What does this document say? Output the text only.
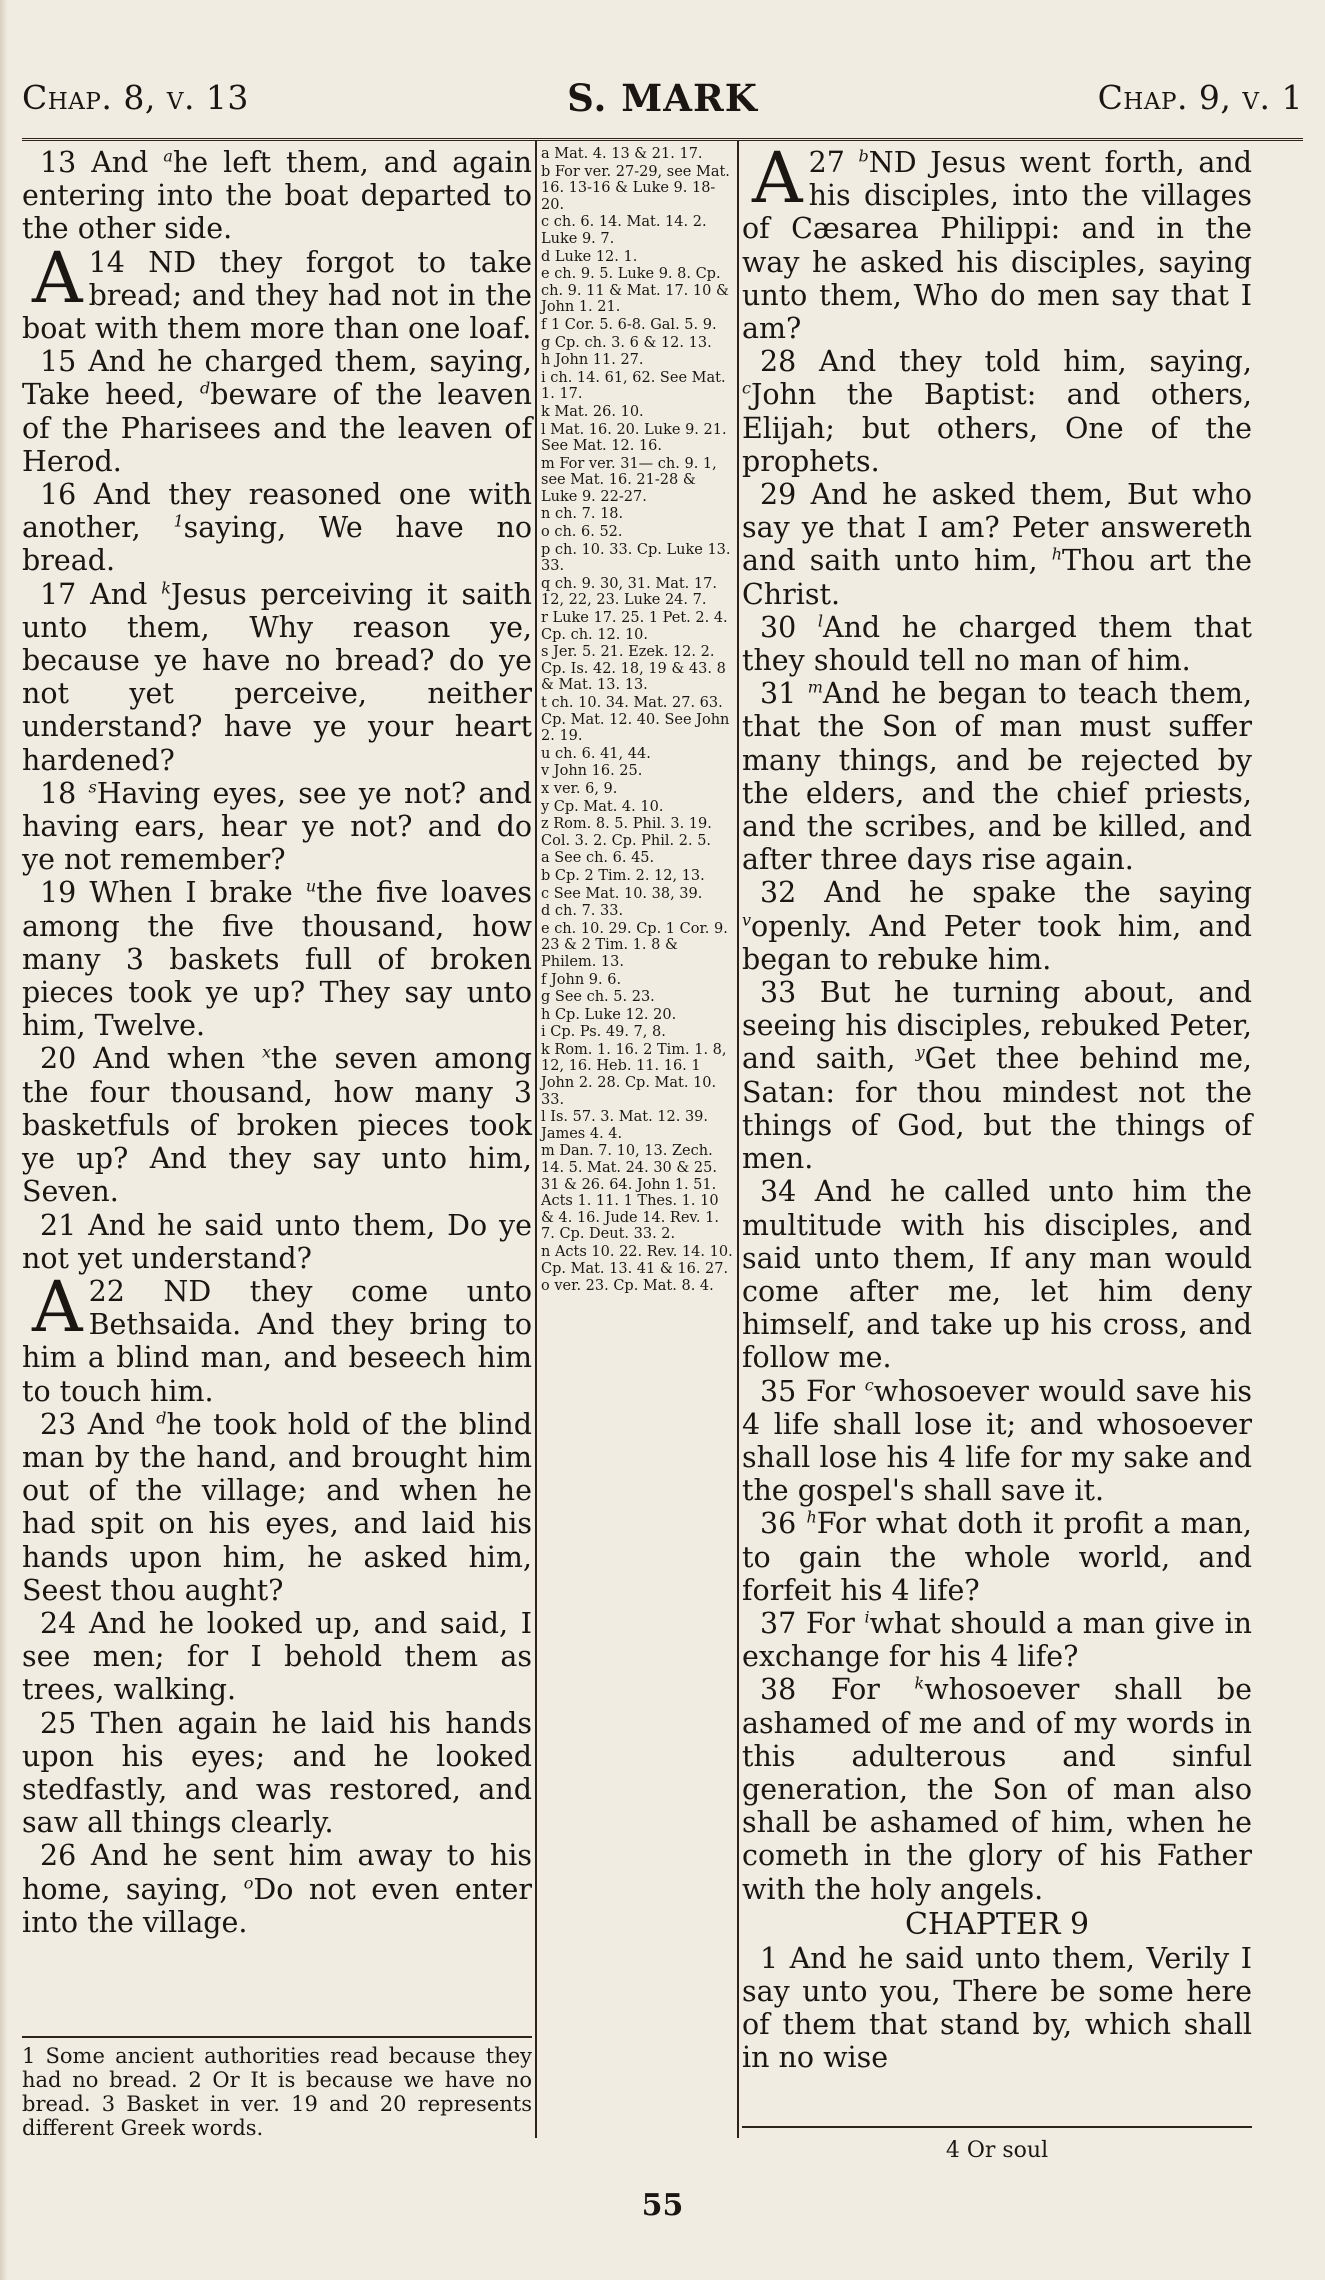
Chap. 8, v. 13	S. MARK	Chap. 9, v. 1

13 And $^a$he left them, and again entering into the boat departed to the other side.

14
A ND they forgot to take bread; and they had not in the boat with them more than one loaf.

15 And he charged them, saying, Take heed, $^d$beware of the leaven of the Pharisees and the leaven of Herod.

16 And they reasoned one with another, $^1$saying, We have no bread.

17 And $^k$Jesus perceiving it saith unto them, Why reason ye, because ye have no bread? do ye not yet perceive, neither understand? have ye your heart hardened?

18 $^s$Having eyes, see ye not? and having ears, hear ye not? and do ye not remember?

19 When I brake $^u$the five loaves among the five thousand, how many 3 baskets full of broken pieces took ye up? They say unto him, Twelve.

20 And when $^x$the seven among the four thousand, how many 3 basketfuls of broken pieces took ye up? And they say unto him, Seven.

21 And he said unto them, Do ye not yet understand?

22
A	ND they come unto Bethsaida. And they bring to him a blind man, and beseech him to touch him.

23 And $^d$he took hold of the blind man by the hand, and brought him out of the village; and when he had spit on his eyes, and laid his hands upon him, he asked him, Seest thou aught?

24 And he looked up, and said, I see men; for I behold them as trees, walking.

25 Then again he laid his hands upon his eyes; and he looked stedfastly, and was restored, and saw all things clearly.

26 And he sent him away to his home, saying, $^o$Do not even enter into the village.

a Mat. 4. 13 & 21. 17.
b For ver. 27-29, see Mat. 16. 13-16 & Luke 9. 18-20.
c ch. 6. 14. Mat. 14. 2. Luke 9. 7.
d Luke 12. 1.
e ch. 9. 5. Luke 9. 8. Cp. ch. 9. 11 & Mat. 17. 10 & John 1. 21.
f 1 Cor. 5. 6-8. Gal. 5. 9.
g Cp. ch. 3. 6 & 12. 13.
h John 11. 27.
i ch. 14. 61, 62. See Mat. 1. 17.
k Mat. 26. 10.
l Mat. 16. 20. Luke 9. 21. See Mat. 12. 16.
m For ver. 31— ch. 9. 1, see Mat. 16. 21-28 & Luke 9. 22-27.
n ch. 7. 18.
o ch. 6. 52.
p ch. 10. 33. Cp. Luke 13. 33.
q ch. 9. 30, 31. Mat. 17. 12, 22, 23. Luke 24. 7.
r Luke 17. 25. 1 Pet. 2. 4. Cp. ch. 12. 10.
s Jer. 5. 21. Ezek. 12. 2. Cp. Is. 42. 18, 19 & 43. 8 & Mat. 13. 13.
t ch. 10. 34. Mat. 27. 63. Cp. Mat. 12. 40. See John 2. 19.
u ch. 6. 41, 44.
v John 16. 25.
x ver. 6, 9.
y Cp. Mat. 4. 10.
z Rom. 8. 5. Phil. 3. 19. Col. 3. 2. Cp. Phil. 2. 5.
a See ch. 6. 45.
b Cp. 2 Tim. 2. 12, 13.
c See Mat. 10. 38, 39.
d ch. 7. 33.
e ch. 10. 29. Cp. 1 Cor. 9. 23 & 2 Tim. 1. 8 & Philem. 13.
f John 9. 6.
g See ch. 5. 23.
h Cp. Luke 12. 20.
i Cp. Ps. 49. 7, 8.
k Rom. 1. 16. 2 Tim. 1. 8, 12, 16. Heb. 11. 16. 1 John 2. 28. Cp. Mat. 10. 33.
l Is. 57. 3. Mat. 12. 39. James 4. 4.
m Dan. 7. 10, 13. Zech. 14. 5. Mat. 24. 30 & 25. 31 & 26. 64. John 1. 51. Acts 1. 11. 1 Thes. 1. 10 & 4. 16. Jude 14. Rev. 1. 7. Cp. Deut. 33. 2.
n Acts 10. 22. Rev. 14. 10. Cp. Mat. 13. 41 & 16. 27.
o ver. 23. Cp. Mat. 8. 4.

27 $^b$
A ND Jesus went forth, and his disciples, into the villages of Cæsarea Philippi: and in the way he asked his disciples, saying unto them, Who do men say that I am?

28 And they told him, saying, $^c$John the Baptist: and others, Elijah; but others, One of the prophets.

29 And he asked them, But who say ye that I am? Peter answereth and saith unto him, $^h$Thou art the Christ.

30 $^l$And he charged them that they should tell no man of him.

31 $^m$And he began to teach them, that the Son of man must suffer many things, and be rejected by the elders, and the chief priests, and the scribes, and be killed, and after three days rise again.

32 And he spake the saying $^v$openly. And Peter took him, and began to rebuke him.

33 But he turning about, and seeing his disciples, rebuked Peter, and saith, $^y$Get thee behind me, Satan: for thou mindest not the things of God, but the things of men.

34 And he called unto him the multitude with his disciples, and said unto them, If any man would come after me, let him deny himself, and take up his cross, and follow me.

35 For $^c$whosoever would save his 4 life shall lose it; and whosoever shall lose his 4 life for my sake and the gospel's shall save it.

36 $^h$For what doth it profit a man, to gain the whole world, and forfeit his 4 life?

37 For $^i$what should a man give in exchange for his 4 life?

38 For $^k$whosoever shall be ashamed of me and of my words in this adulterous and sinful generation, the Son of man also shall be ashamed of him, when he cometh in the glory of his Father with the holy angels.

CHAPTER 9

1 And he said unto them, Verily I say unto you, There be some here of them that stand by, which shall in no wise

1 Some ancient authorities read because they had no bread. 2 Or It is because we have no bread. 3 Basket in ver. 19 and 20 represents different Greek words.
4 Or soul
55
